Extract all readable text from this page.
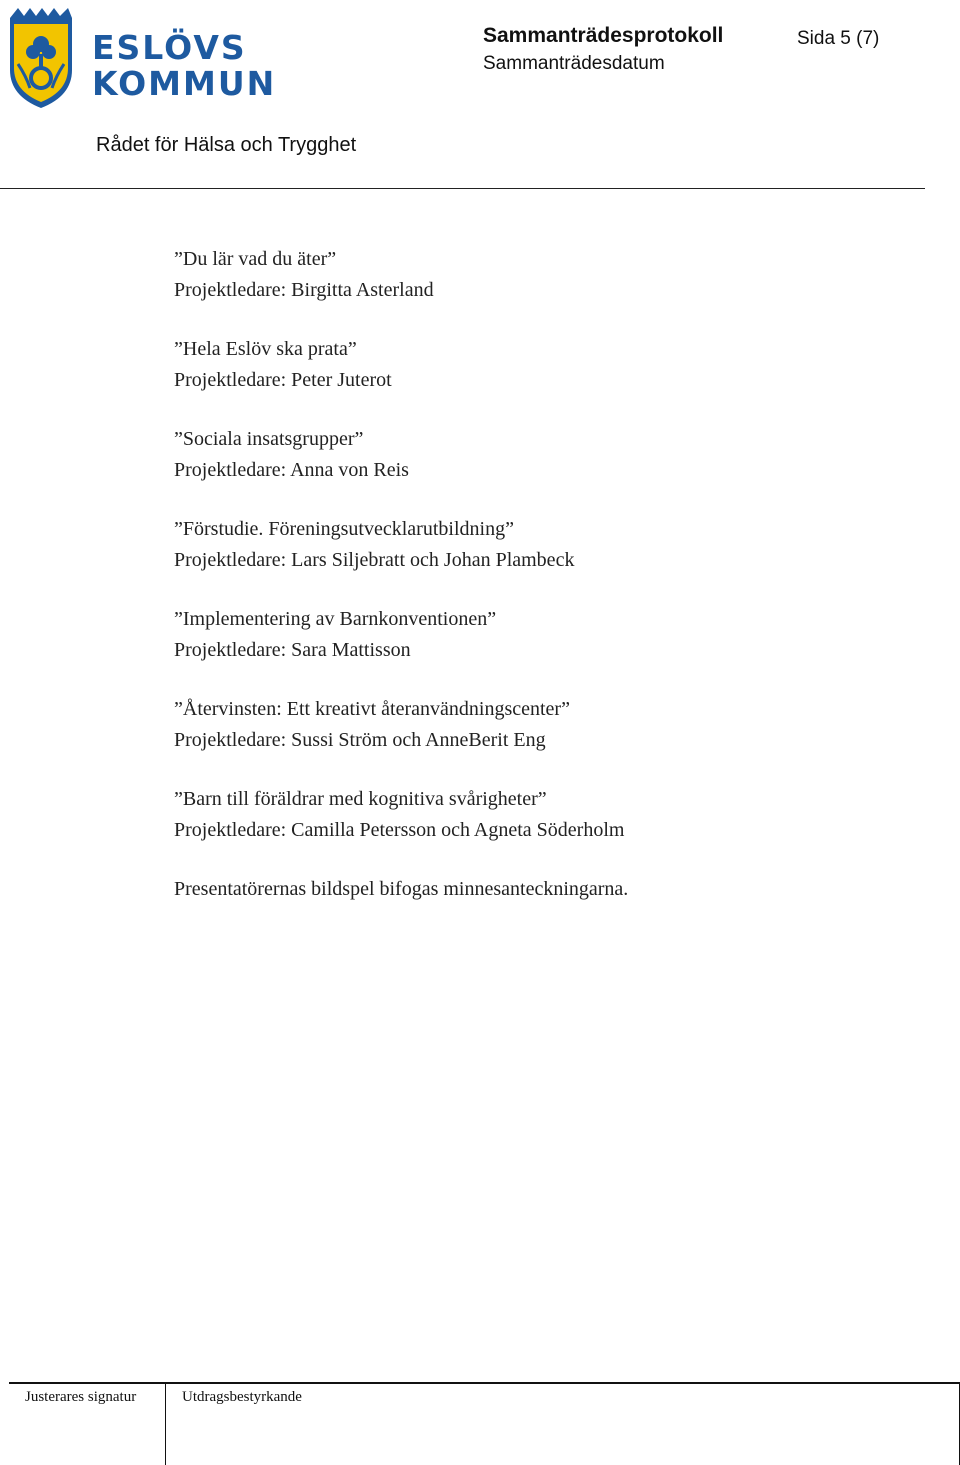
ESLÖVS
KOMMUN
Sammanträdesprotokoll	Sida 5 (7)
Sammanträdesdatum
Rådet för Hälsa och Trygghet
”Du lär vad du äter”
Projektledare: Birgitta Asterland
”Hela Eslöv ska prata”
Projektledare: Peter Juterot
”Sociala insatsgrupper”
Projektledare: Anna von Reis
”Förstudie. Föreningsutvecklarutbildning”
Projektledare: Lars Siljebratt och Johan Plambeck
”Implementering av Barnkonventionen”
Projektledare: Sara Mattisson
”Återvinsten: Ett kreativt återanvändningscenter”
Projektledare: Sussi Ström och AnneBerit Eng
”Barn till föräldrar med kognitiva svårigheter”
Projektledare: Camilla Petersson och Agneta Söderholm
Presentatörernas bildspel bifogas minnesanteckningarna.
Justerares signatur	Utdragsbestyrkande
